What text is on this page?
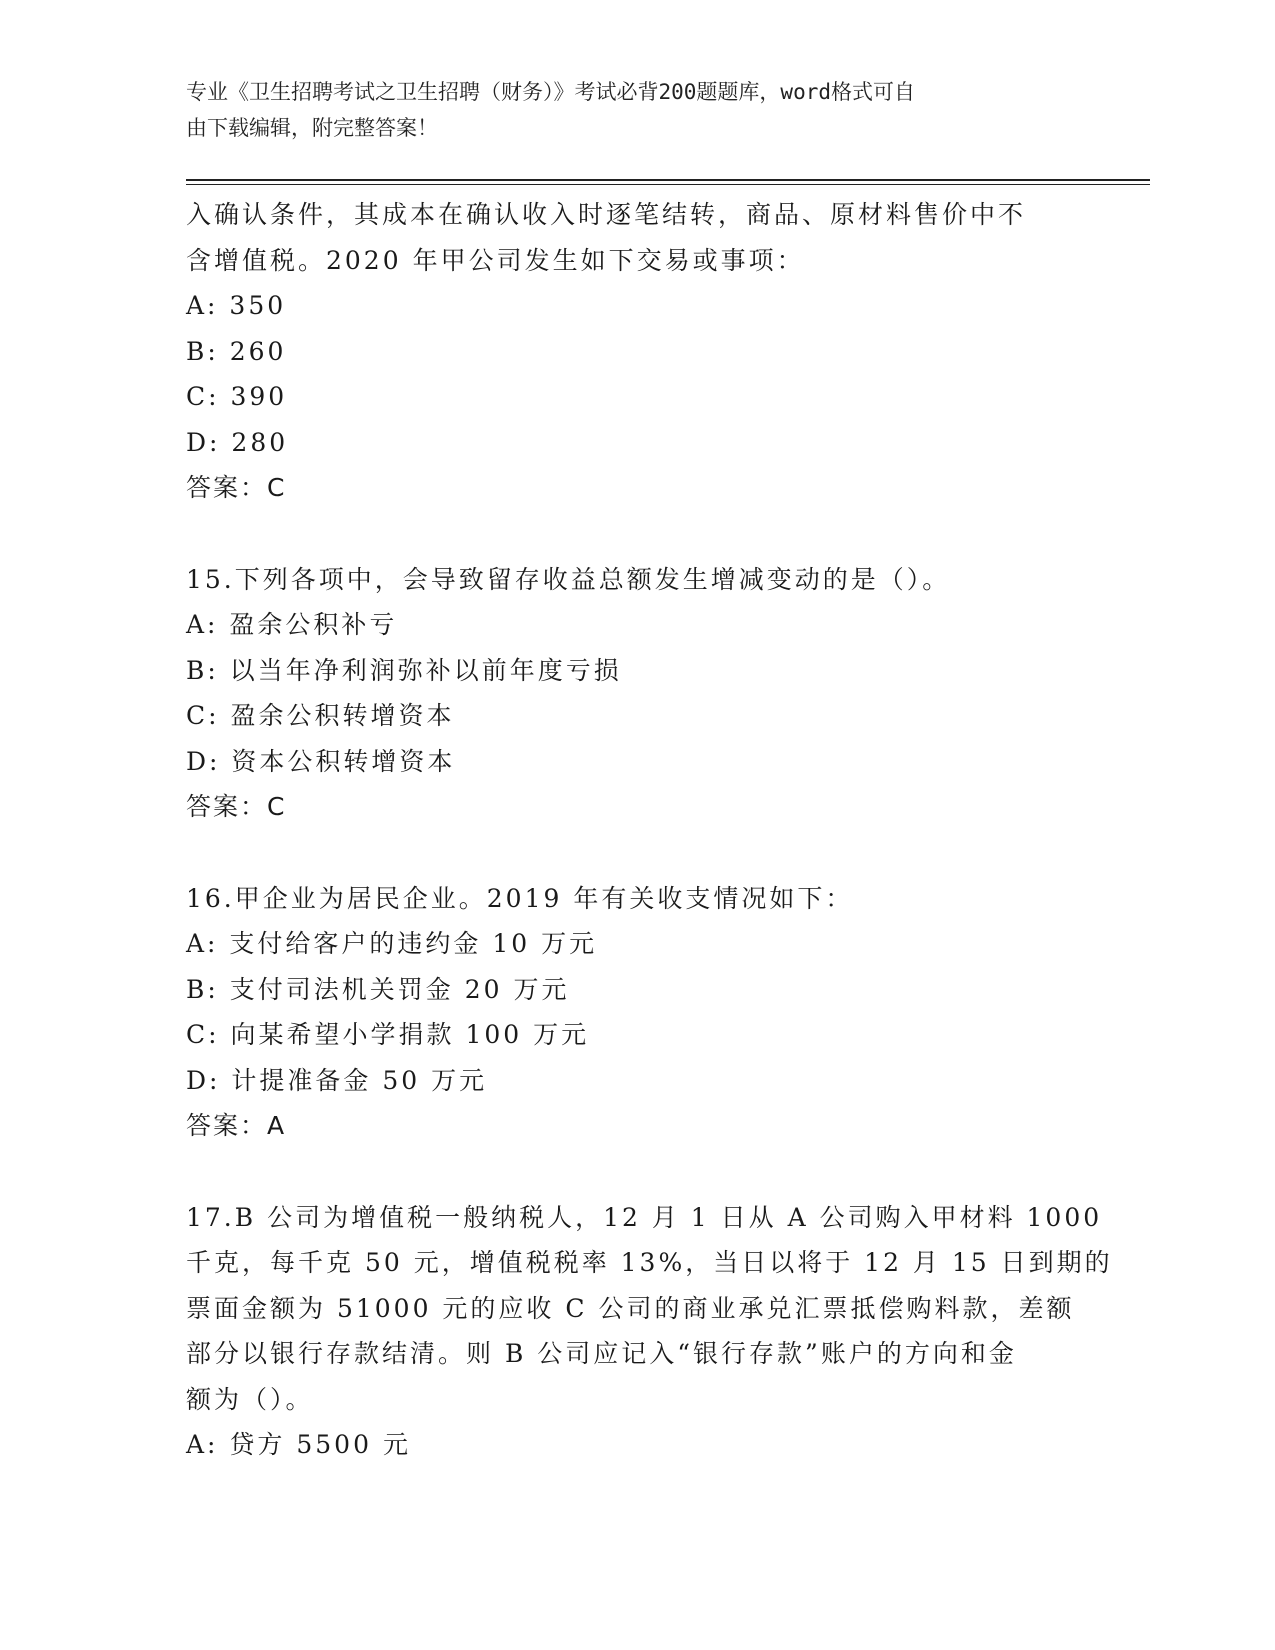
专业《卫生招聘考试之卫生招聘（财务）》考试必背200题题库，word格式可自
由下载编辑，附完整答案！
入确认条件，其成本在确认收入时逐笔结转，商品、原材料售价中不
含增值税。2020 年甲公司发生如下交易或事项：
A: 350
B: 260
C: 390
D: 280
答案：C
15.下列各项中，会导致留存收益总额发生增减变动的是（）。
A: 盈余公积补亏
B: 以当年净利润弥补以前年度亏损
C: 盈余公积转增资本
D: 资本公积转增资本
答案：C
16.甲企业为居民企业。2019 年有关收支情况如下：
A: 支付给客户的违约金 10 万元
B: 支付司法机关罚金 20 万元
C: 向某希望小学捐款 100 万元
D: 计提准备金 50 万元
答案：A
17.B 公司为增值税一般纳税人，12 月 1 日从 A 公司购入甲材料 1000
千克，每千克 50 元，增值税税率 13%，当日以将于 12 月 15 日到期的
票面金额为 51000 元的应收 C 公司的商业承兑汇票抵偿购料款，差额
部分以银行存款结清。则 B 公司应记入“银行存款”账户的方向和金
额为（）。
A: 贷方 5500 元
